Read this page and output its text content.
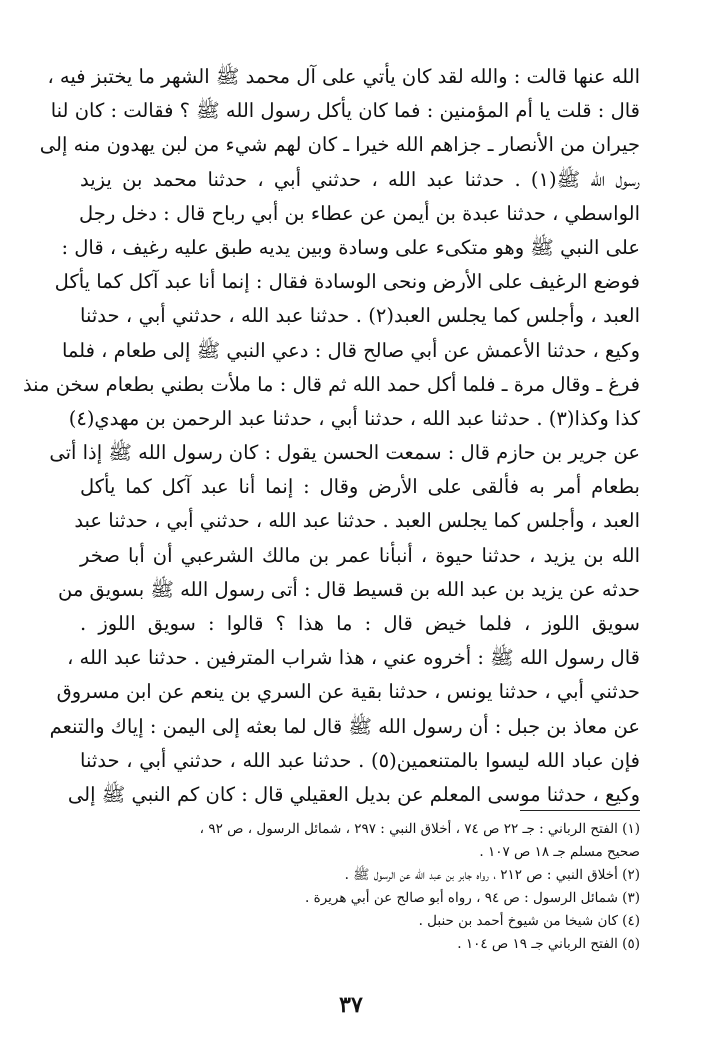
الله عنها قالت : والله لقد كان يأتي على آل محمد ﷺ الشهر ما يختبز فيه ،
قال : قلت يا أم المؤمنين : فما كان يأكل رسول الله ﷺ ؟ فقالت : كان لنا
جيران من الأنصار ـ جزاهم الله خيرا ـ كان لهم شيء من لبن يهدون منه إلى
رسول الله ﷺ(١) . حدثنا عبد الله ، حدثني أبي ، حدثنا محمد بن يزيد
الواسطي ، حدثنا عبدة بن أيمن عن عطاء بن أبي رباح قال : دخل رجل
على النبي ﷺ وهو متكىء على وسادة وبين يديه طبق عليه رغيف ، قال :
فوضع الرغيف على الأرض ونحى الوسادة فقال : إنما أنا عبد آكل كما يأكل
العبد ، وأجلس كما يجلس العبد(٢) . حدثنا عبد الله ، حدثني أبي ، حدثنا
وكيع ، حدثنا الأعمش عن أبي صالح قال : دعي النبي ﷺ إلى طعام ، فلما
فرغ ـ وقال مرة ـ فلما أكل حمد الله ثم قال : ما ملأت بطني بطعام سخن منذ
كذا وكذا(٣) . حدثنا عبد الله ، حدثنا أبي ، حدثنا عبد الرحمن بن مهدي(٤)
عن جرير بن حازم قال : سمعت الحسن يقول : كان رسول الله ﷺ إذا أتى
بطعام أمر به فألقى على الأرض وقال : إنما أنا عبد آكل كما يأكل
العبد ، وأجلس كما يجلس العبد . حدثنا عبد الله ، حدثني أبي ، حدثنا عبد
الله بن يزيد ، حدثنا حيوة ، أنبأنا عمر بن مالك الشرعبي أن أبا صخر
حدثه عن يزيد بن عبد الله بن قسيط قال : أتى رسول الله ﷺ بسويق من
سويق اللوز ، فلما خيض قال : ما هذا ؟ قالوا : سويق اللوز .
قال رسول الله ﷺ : أخروه عني ، هذا شراب المترفين . حدثنا عبد الله ،
حدثني أبي ، حدثنا يونس ، حدثنا بقية عن السري بن ينعم عن ابن مسروق
عن معاذ بن جبل : أن رسول الله ﷺ قال لما بعثه إلى اليمن : إياك والتنعم
فإن عباد الله ليسوا بالمتنعمين(٥) . حدثنا عبد الله ، حدثني أبي ، حدثنا
وكيع ، حدثنا موسى المعلم عن بديل العقيلي قال : كان كم النبي ﷺ إلى
(١) الفتح الرباني : جـ ٢٢ ص ٧٤ ، أخلاق النبي : ٢٩٧ ، شمائل الرسول ، ص ٩٢ ،
صحيح مسلم جـ ١٨ ص ١٠٧ .
(٢) أخلاق النبي : ص ٢١٢ ، رواه جابر بن عبد الله عن الرسول ﷺ .
(٣) شمائل الرسول : ص ٩٤ ، رواه أبو صالح عن أبي هريرة .
(٤) كان شيخا من شيوخ أحمد بن حنبل .
(٥) الفتح الرباني جـ ١٩ ص ١٠٤ .
٣٧
